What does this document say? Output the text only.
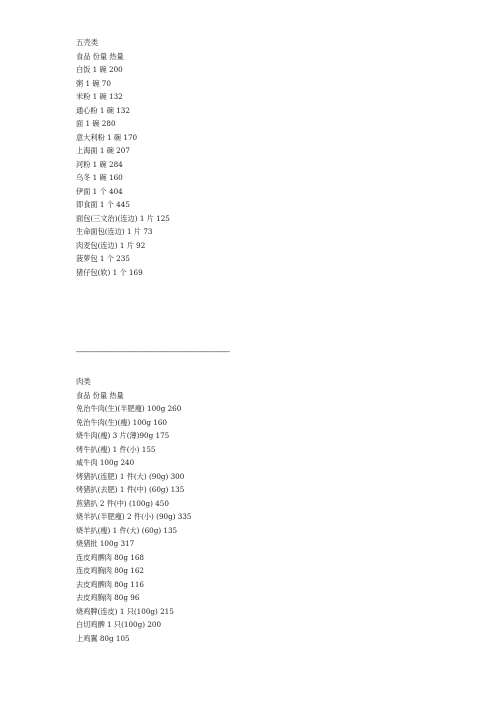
五壳类

食品 份量 热量

白饭 1 碗 200

粥 1 碗 70

米粉 1 碗 132

通心粉 1 碗 132

面 1 碗 280

意大利粉 1 碗 170

上海面 1 碗 207

河粉 1 碗 284

乌冬 1 碗 160

伊面 1 个 404

即食面 1 个 445

面包(三文治)(连边) 1 片 125

生命面包(连边) 1 片 73

肉麦包(连边) 1 片 92

菠萝包 1 个 235

猪仔包(软) 1 个 169

---------------------------------------------------------------------------------------

肉类

食品 份量 热量

免治牛肉(生)(半肥瘦) 100g 260

免治牛肉(生)(瘦) 100g 160

烧牛肉(瘦) 3 片(薄)90g 175

烤牛扒(瘦) 1 件(小) 155

咸牛肉 100g 240

烤猪扒(连肥) 1 件(大) (90g) 300

烤猪扒(去肥) 1 件(中) (60g) 135

煎猪扒 2 件(中) (100g) 450

烧羊扒(半肥瘦) 2 件(小) (90g) 335

烧羊扒(瘦) 1 件(大) (60g) 135

烧猪批 100g 317

连皮鸡髀肉 80g 168

连皮鸡胸肉 80g 162

去皮鸡髀肉 80g 116

去皮鸡胸肉 80g 96

烧鸡脾(连皮) 1 只(100g) 215

白切鸡髀 1 只(100g) 200

上鸡翼 80g 105
